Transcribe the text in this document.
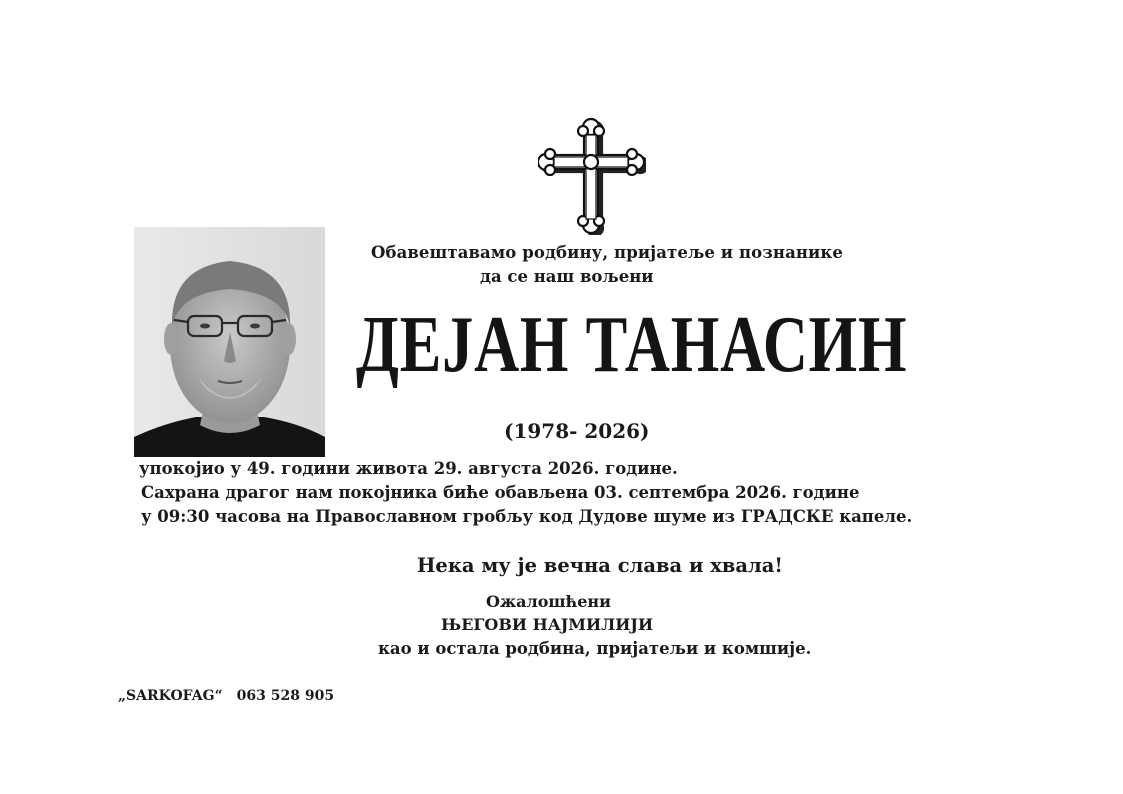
Обавештавамо родбину, пријатеље и познанике
да се наш вољени
ДЕЈАН ТАНАСИН
(1978- 2026)
упокојио у 49. години живота 29. августа 2026. године.
Сахрана драгог нам покојника биће обављена 03. септембра 2026. године
у 09:30 часова на Православном гробљу код Дудове шуме из ГРАДСКЕ капеле.
Нека му је вечна слава и хвала!
Ожалошћени
ЊЕГОВИ НАЈМИЛИЈИ
као и остала родбина, пријатељи и комшије.
„SARKOFAG“ 063 528 905
